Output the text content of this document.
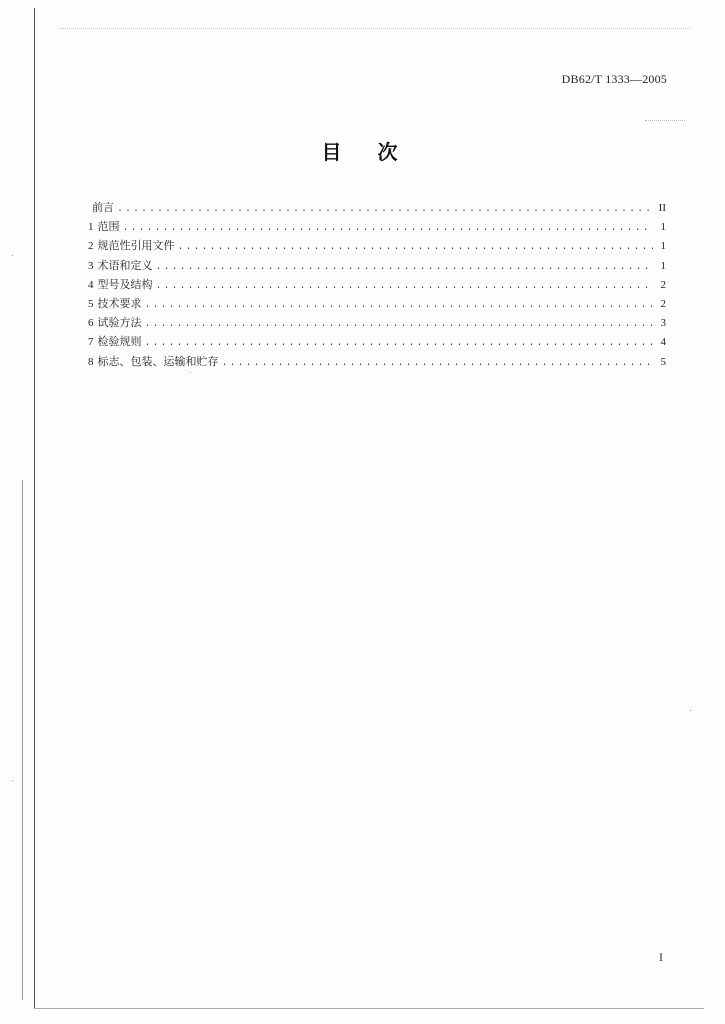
DB62/T 1333—2005
目次
前言 .....	II
1 范围 .....	1
2 规范性引用文件 .....	1
3 术语和定义 .....	1
4 型号及结构 .....	2
5 技术要求 .....	2
6 试验方法 .....	3
7 检验规则 .....	4
8 标志、包装、运输和贮存 .....	5
I
